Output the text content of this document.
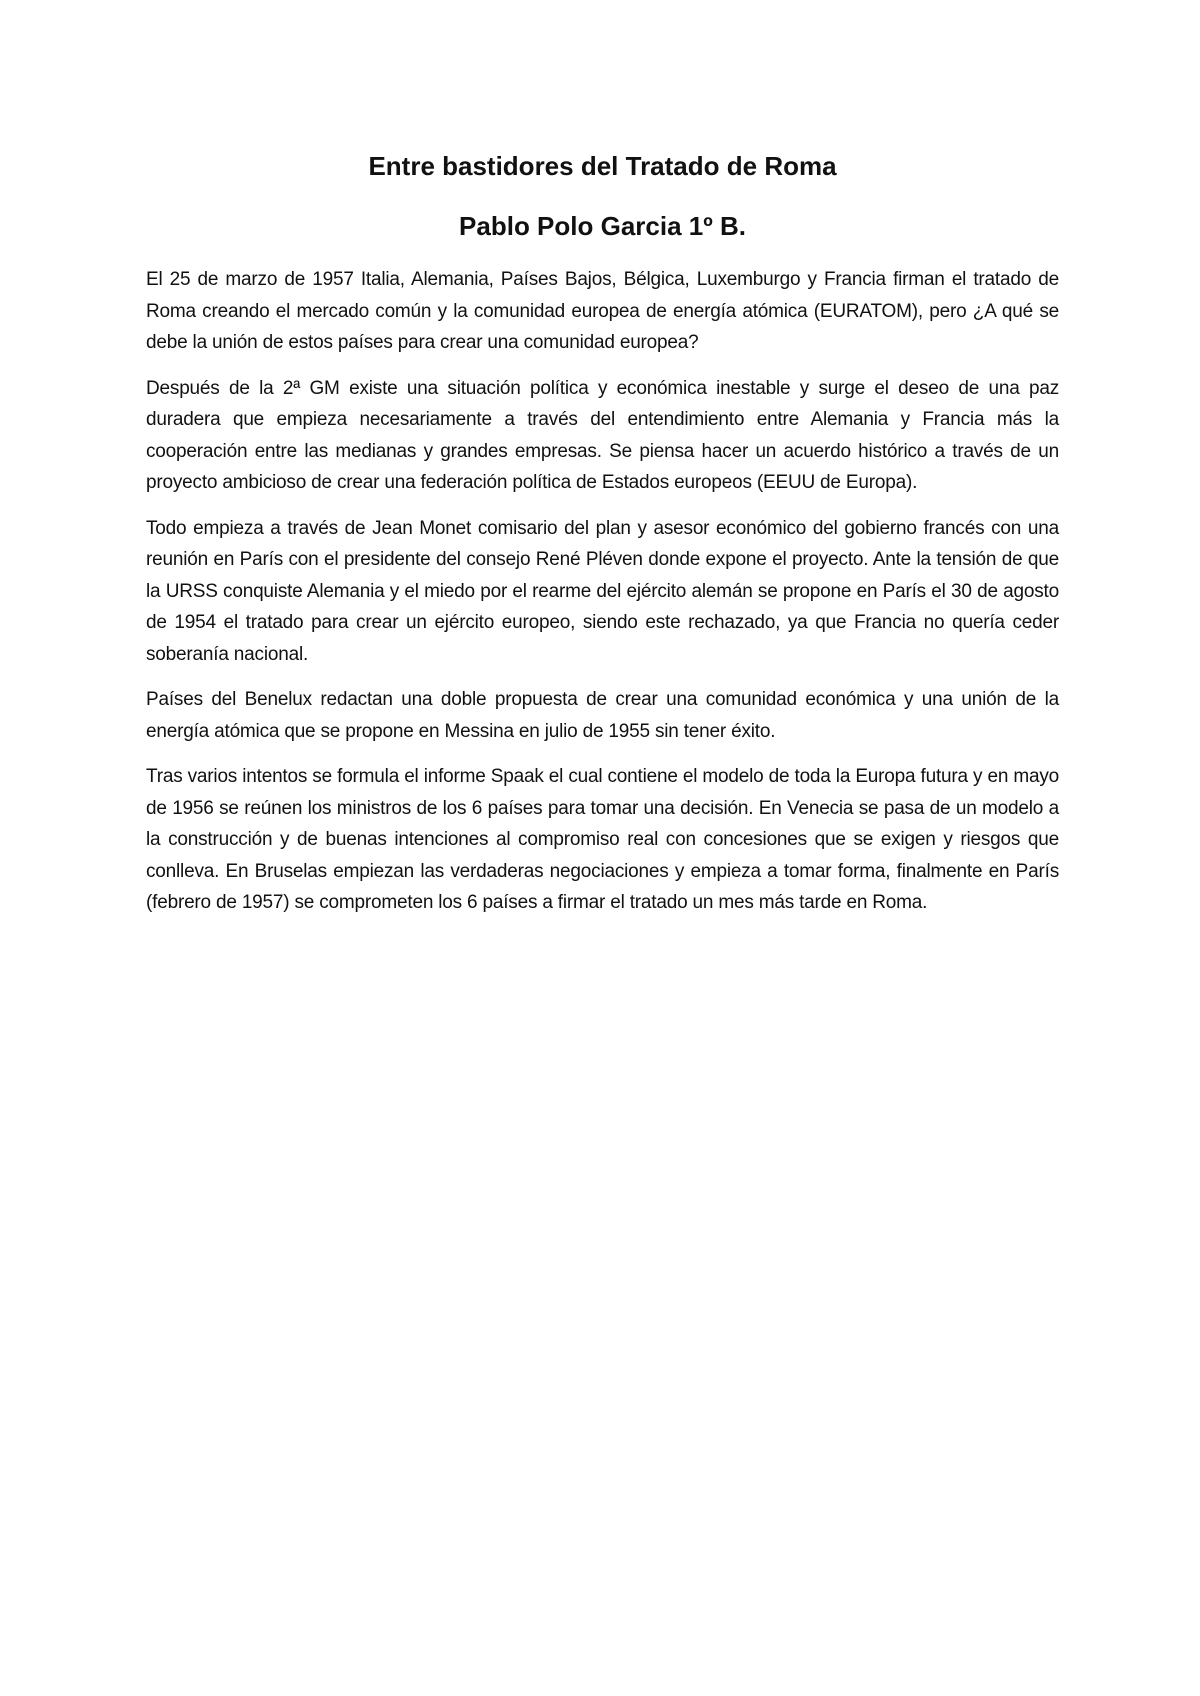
Entre bastidores del Tratado de Roma
Pablo Polo Garcia 1º B.

El 25 de marzo de 1957 Italia, Alemania, Países Bajos, Bélgica, Luxemburgo y Francia firman el tratado de Roma creando el mercado común y la comunidad europea de energía atómica (EURATOM), pero ¿A qué se debe la unión de estos países para crear una comunidad europea?

Después de la 2ª GM existe una situación política y económica inestable y surge el deseo de una paz duradera que empieza necesariamente a través del entendimiento entre Alemania y Francia más la cooperación entre las medianas y grandes empresas. Se piensa hacer un acuerdo histórico a través de un proyecto ambicioso de crear una federación política de Estados europeos (EEUU de Europa).

Todo empieza a través de Jean Monet comisario del plan y asesor económico del gobierno francés con una reunión en París con el presidente del consejo René Pléven donde expone el proyecto. Ante la tensión de que la URSS conquiste Alemania y el miedo por el rearme del ejército alemán se propone en París el 30 de agosto de 1954 el tratado para crear un ejército europeo, siendo este rechazado, ya que Francia no quería ceder soberanía nacional.

Países del Benelux redactan una doble propuesta de crear una comunidad económica y una unión de la energía atómica que se propone en Messina en julio de 1955 sin tener éxito.

Tras varios intentos se formula el informe Spaak el cual contiene el modelo de toda la Europa futura y en mayo de 1956 se reúnen los ministros de los 6 países para tomar una decisión. En Venecia se pasa de un modelo a la construcción y de buenas intenciones al compromiso real con concesiones que se exigen y riesgos que conlleva. En Bruselas empiezan las verdaderas negociaciones y empieza a tomar forma, finalmente en París (febrero de 1957) se comprometen los 6 países a firmar el tratado un mes más tarde en Roma.
